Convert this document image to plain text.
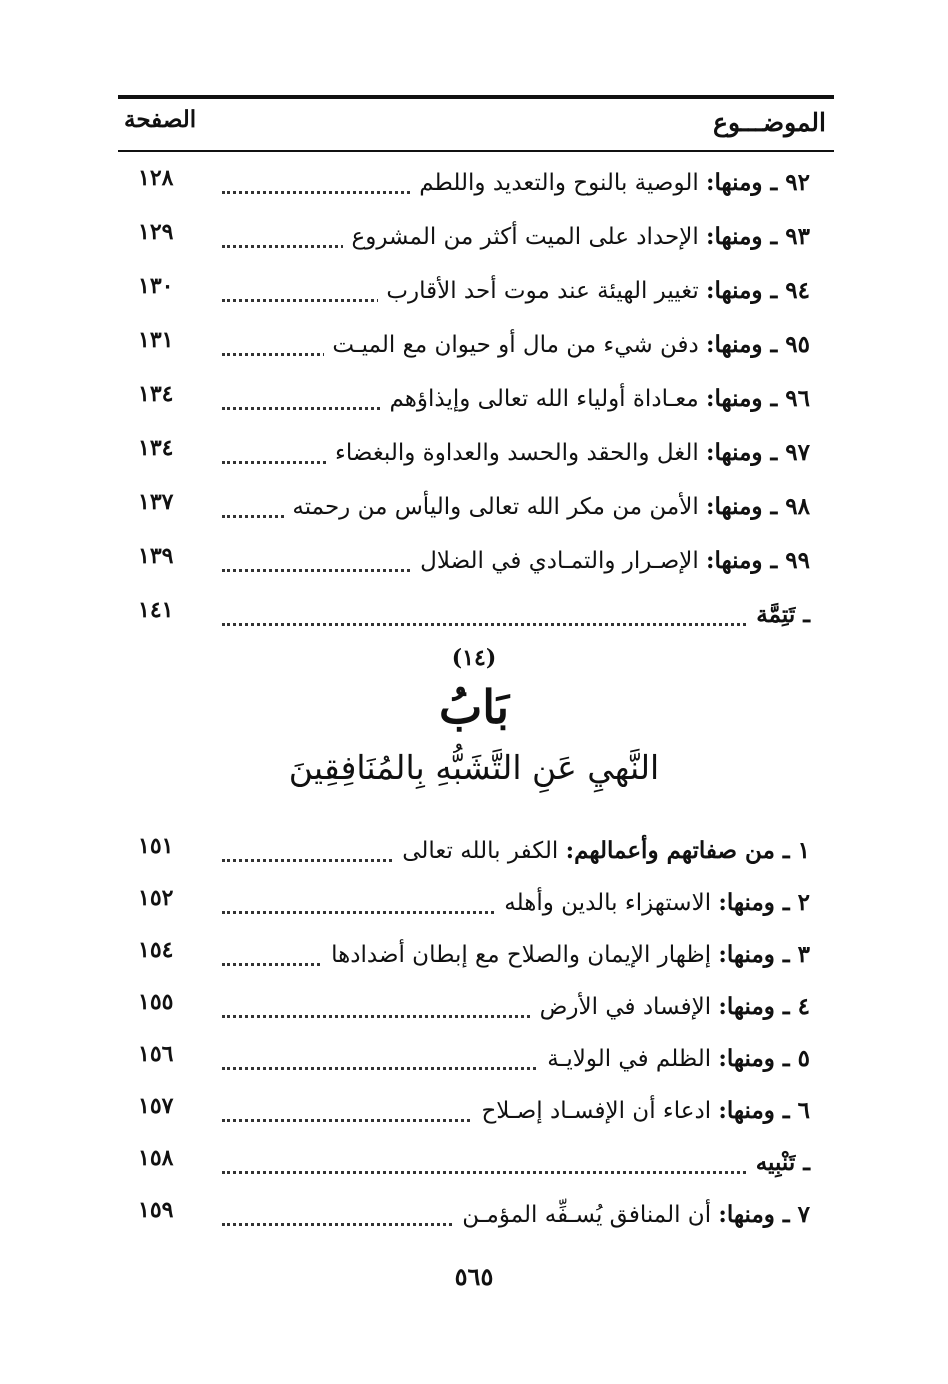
الموضـــوع
الصفحة
٩٢ ـ ومنها: الوصية بالنوح والتعديد واللطم
١٢٨
٩٣ ـ ومنها: الإحداد على الميت أكثر من المشروع
١٢٩
٩٤ ـ ومنها: تغيير الهيئة عند موت أحد الأقارب
١٣٠
٩٥ ـ ومنها: دفن شيء من مال أو حيوان مع الميـت
١٣١
٩٦ ـ ومنها: معـاداة أولياء الله تعالى وإيذاؤهم
١٣٤
٩٧ ـ ومنها: الغل والحقد والحسد والعداوة والبغضاء
١٣٤
٩٨ ـ ومنها: الأمن من مكر الله تعالى واليأس من رحمته
١٣٧
٩٩ ـ ومنها: الإصـرار والتمـادي في الضلال
١٣٩
ـ تَتِمَّة
١٤١
(١٤)
بَابُ
النَّهيِ عَنِ التَّشَبُّهِ بِالمُنَافِقِينَ
١ ـ من صفاتهم وأعمالهم: الكفر بالله تعالى
١٥١
٢ ـ ومنها: الاستهزاء بالدين وأهله
١٥٢
٣ ـ ومنها: إظهار الإيمان والصلاح مع إبطان أضدادها
١٥٤
٤ ـ ومنها: الإفساد في الأرض
١٥٥
٥ ـ ومنها: الظلم في الولايـة
١٥٦
٦ ـ ومنها: ادعاء أن الإفسـاد إصـلاح
١٥٧
ـ تَنْبِيه
١٥٨
٧ ـ ومنها: أن المنافق يُسـفِّه المؤمـن
١٥٩
٥٦٥
